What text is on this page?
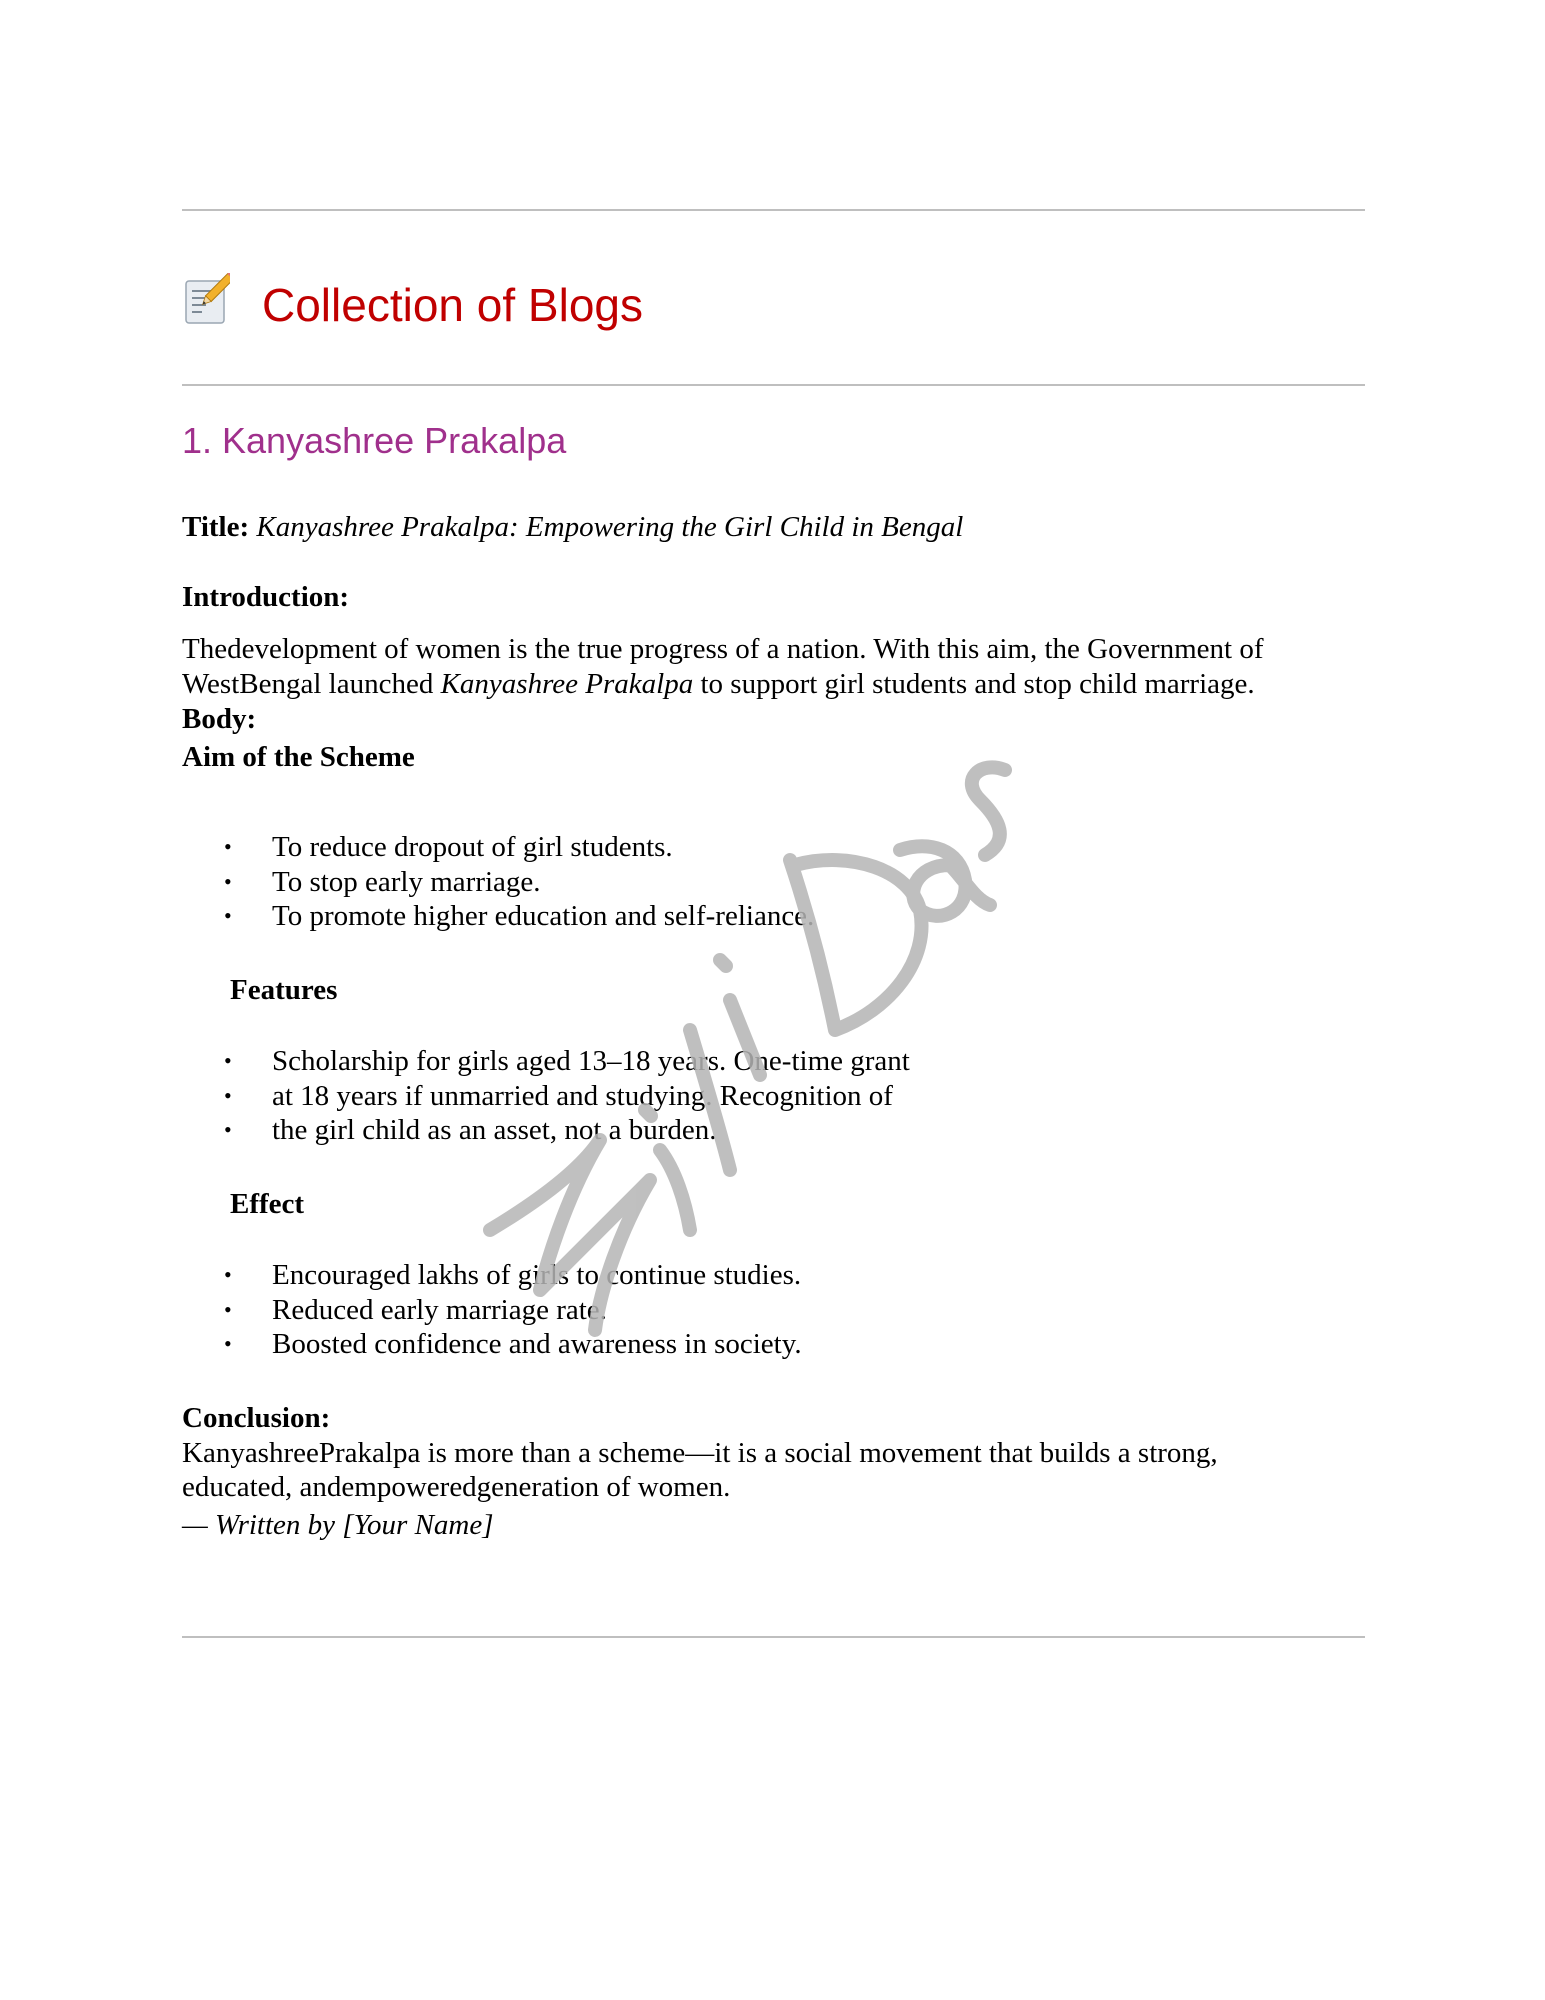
Collection of Blogs
1. Kanyashree Prakalpa
Title: Kanyashree Prakalpa: Empowering the Girl Child in Bengal
Introduction:
Thedevelopment of women is the true progress of a nation. With this aim, the Government of
WestBengal launched Kanyashree Prakalpa to support girl students and stop child marriage.
Body:
Aim of the Scheme
• To reduce dropout of girl students.
• To stop early marriage.
• To promote higher education and self-reliance.
Features
• Scholarship for girls aged 13–18 years. One-time grant
• at 18 years if unmarried and studying. Recognition of
• the girl child as an asset, not a burden.
Effect
• Encouraged lakhs of girls to continue studies.
• Reduced early marriage rate.
• Boosted confidence and awareness in society.
Conclusion:
KanyashreePrakalpa is more than a scheme—it is a social movement that builds a strong,
educated, andempoweredgeneration of women.
— Written by [Your Name]
